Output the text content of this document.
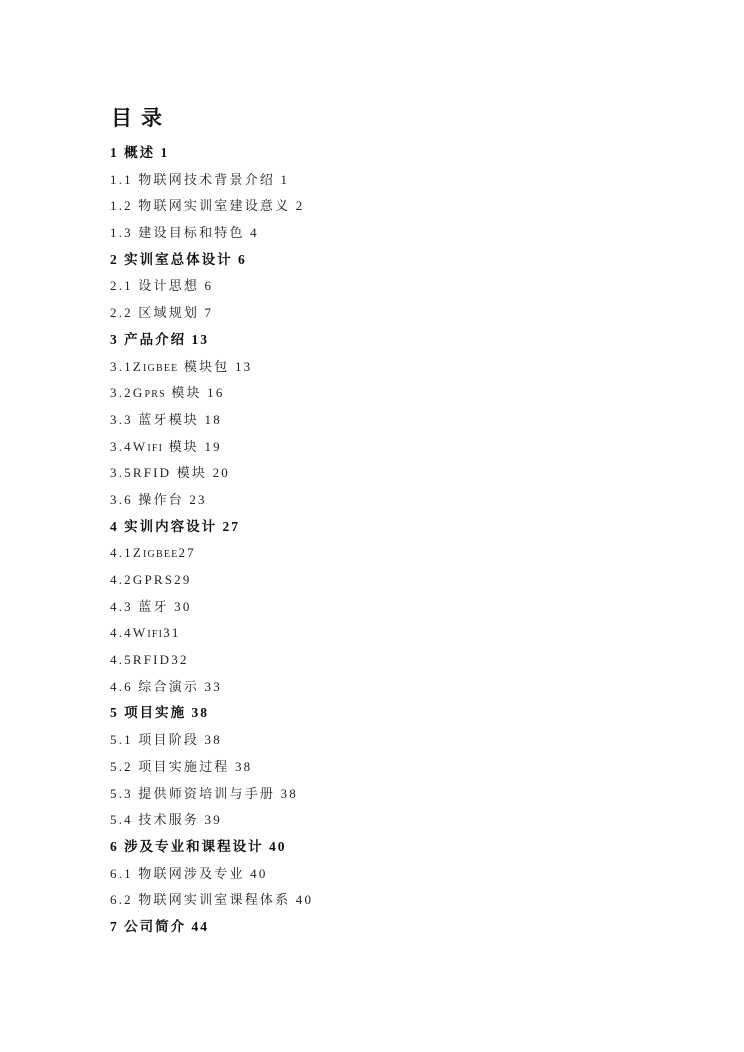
目录
1 概述 1
1.1 物联网技术背景介绍 1
1.2 物联网实训室建设意义 2
1.3 建设目标和特色 4
2 实训室总体设计 6
2.1 设计思想 6
2.2 区域规划 7
3 产品介绍 13
3.1ZIGBEE 模块包 13
3.2GPRS 模块 16
3.3 蓝牙模块 18
3.4WIFI 模块 19
3.5RFID 模块 20
3.6 操作台 23
4 实训内容设计 27
4.1ZIGBEE27
4.2GPRS29
4.3 蓝牙 30
4.4WIFI31
4.5RFID32
4.6 综合演示 33
5 项目实施 38
5.1 项目阶段 38
5.2 项目实施过程 38
5.3 提供师资培训与手册 38
5.4 技术服务 39
6 涉及专业和课程设计 40
6.1 物联网涉及专业 40
6.2 物联网实训室课程体系 40
7 公司简介 44
